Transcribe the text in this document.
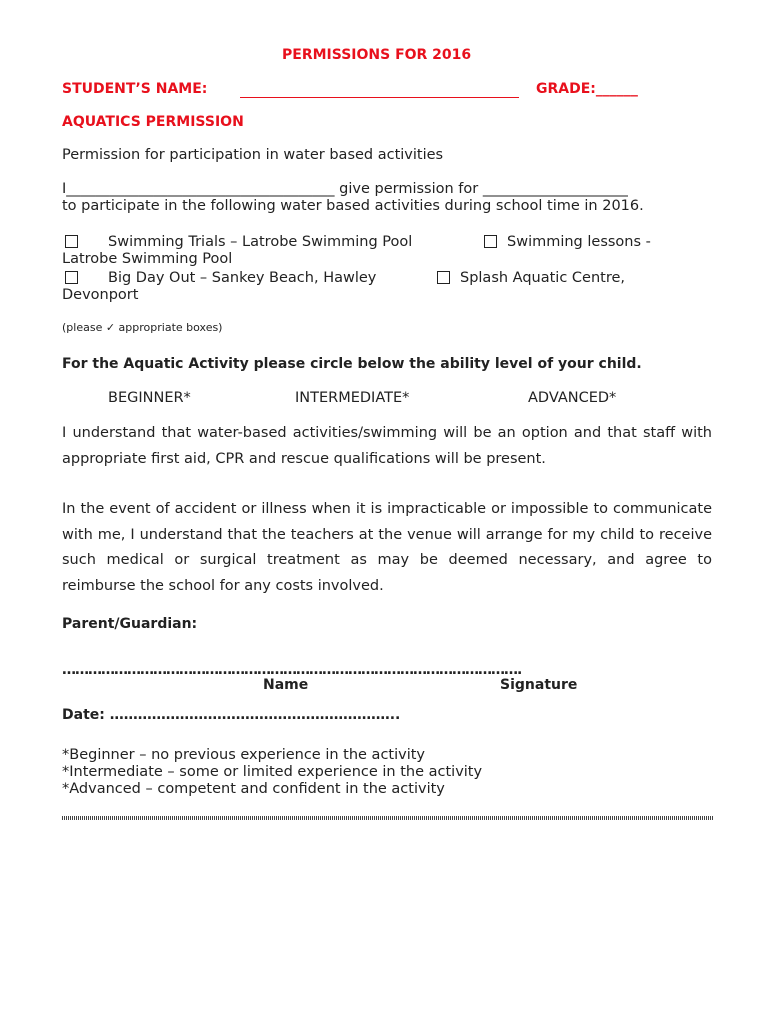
PERMISSIONS FOR 2016
STUDENT’S NAME:	GRADE:______
AQUATICS PERMISSION
Permission for participation in water based activities
I_____________________________________ give permission for ____________________
to participate in the following water based activities during school time in 2016.
Swimming Trials – Latrobe Swimming Pool	Swimming lessons -
Latrobe Swimming Pool
Big Day Out – Sankey Beach, Hawley	Splash Aquatic Centre,
Devonport
(please ✓ appropriate boxes)
For the Aquatic Activity please circle below the ability level of your child.
BEGINNER*	INTERMEDIATE*	ADVANCED*
I understand that water-based activities/swimming will be an option and that staff with appropriate first aid, CPR and rescue qualifications will be present.
In the event of accident or illness when it is impracticable or impossible to communicate with me, I understand that the teachers at the venue will arrange for my child to receive such medical or surgical treatment as may be deemed necessary, and agree to reimburse the school for any costs involved.
Parent/Guardian:
…………………………………………………………………………………………….
Name	Signature
Date: ……………………………………………………..
*Beginner – no previous experience in the activity
*Intermediate – some or limited experience in the activity
*Advanced – competent and confident in the activity
